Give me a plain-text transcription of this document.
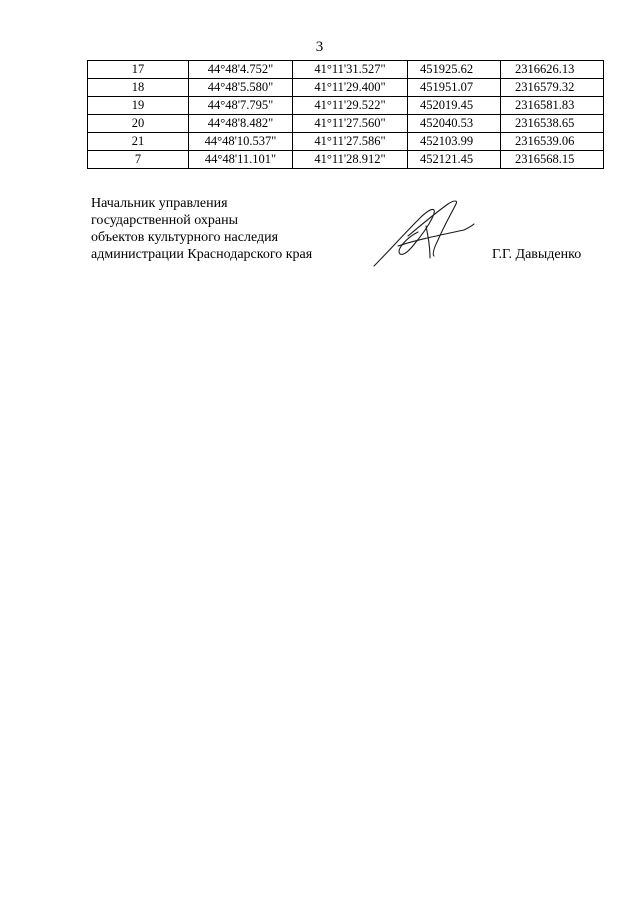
3
17	44°48'4.752"	41°11'31.527"	451925.62	2316626.13
18	44°48'5.580"	41°11'29.400"	451951.07	2316579.32
19	44°48'7.795"	41°11'29.522"	452019.45	2316581.83
20	44°48'8.482"	41°11'27.560"	452040.53	2316538.65
21	44°48'10.537"	41°11'27.586"	452103.99	2316539.06
7	44°48'11.101"	41°11'28.912"	452121.45	2316568.15
Начальник управления
государственной охраны
объектов культурного наследия
администрации Краснодарского края	Г.Г. Давыденко
